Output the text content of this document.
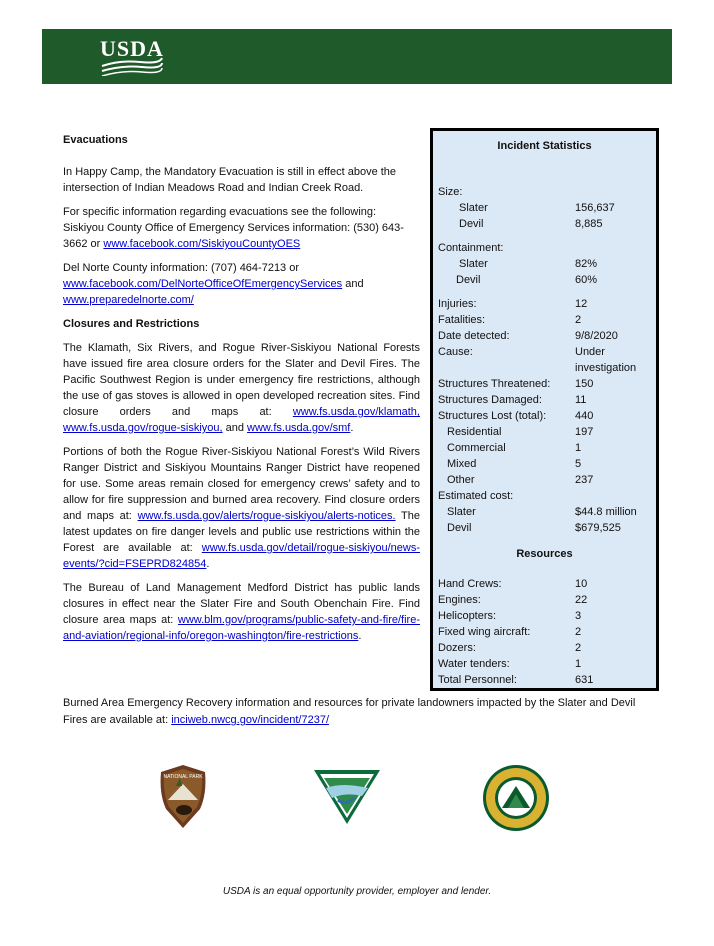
USDA
Evacuations

In Happy Camp, the Mandatory Evacuation is still in effect above the intersection of Indian Meadows Road and Indian Creek Road.

For specific information regarding evacuations see the following: Siskiyou County Office of Emergency Services information: (530) 643-3662 or www.facebook.com/SiskiyouCountyOES

Del Norte County information: (707) 464-7213 or www.facebook.com/DelNorteOfficeOfEmergencyServices and www.preparedelnorte.com/

Closures and Restrictions

The Klamath, Six Rivers, and Rogue River-Siskiyou National Forests have issued fire area closure orders for the Slater and Devil Fires. The Pacific Southwest Region is under emergency fire restrictions, although the use of gas stoves is allowed in open developed recreation sites. Find closure orders and maps at: www.fs.usda.gov/klamath, www.fs.usda.gov/rogue-siskiyou, and www.fs.usda.gov/smf.

Portions of both the Rogue River-Siskiyou National Forest’s Wild Rivers Ranger District and Siskiyou Mountains Ranger District have reopened for use. Some areas remain closed for emergency crews’ safety and to allow for fire suppression and burned area recovery. Find closure orders and maps at: www.fs.usda.gov/alerts/rogue-siskiyou/alerts-notices. The latest updates on fire danger levels and public use restrictions within the Forest are available at: www.fs.usda.gov/detail/rogue-siskiyou/news-events/?cid=FSEPRD824854.

The Bureau of Land Management Medford District has public lands closures in effect near the Slater Fire and South Obenchain Fire. Find closure area maps at: www.blm.gov/programs/public-safety-and-fire/fire-and-aviation/regional-info/oregon-washington/fire-restrictions.

Incident Statistics
Size:
Slater	156,637
Devil	8,885
Containment:
Slater	82%
Devil	60%
Injuries:	12
Fatalities:	2
Date detected:	9/8/2020
Cause:	Under
investigation
Structures Threatened: 150
Structures Damaged:	11
Structures Lost (total):	440
Residential	197
Commercial	1
Mixed	5
Other	237
Estimated cost:
Slater	$44.8 million
Devil	$679,525
Resources
Hand Crews:	10
Engines:	22
Helicopters:	3
Fixed wing aircraft:	2
Dozers:	2
Water tenders:	1
Total Personnel:	631
Burned Area Emergency Recovery information and resources for private landowners impacted by the Slater and Devil Fires are available at: inciweb.nwcg.gov/incident/7237/
NATIONAL PARK
USDA is an equal opportunity provider, employer and lender.
